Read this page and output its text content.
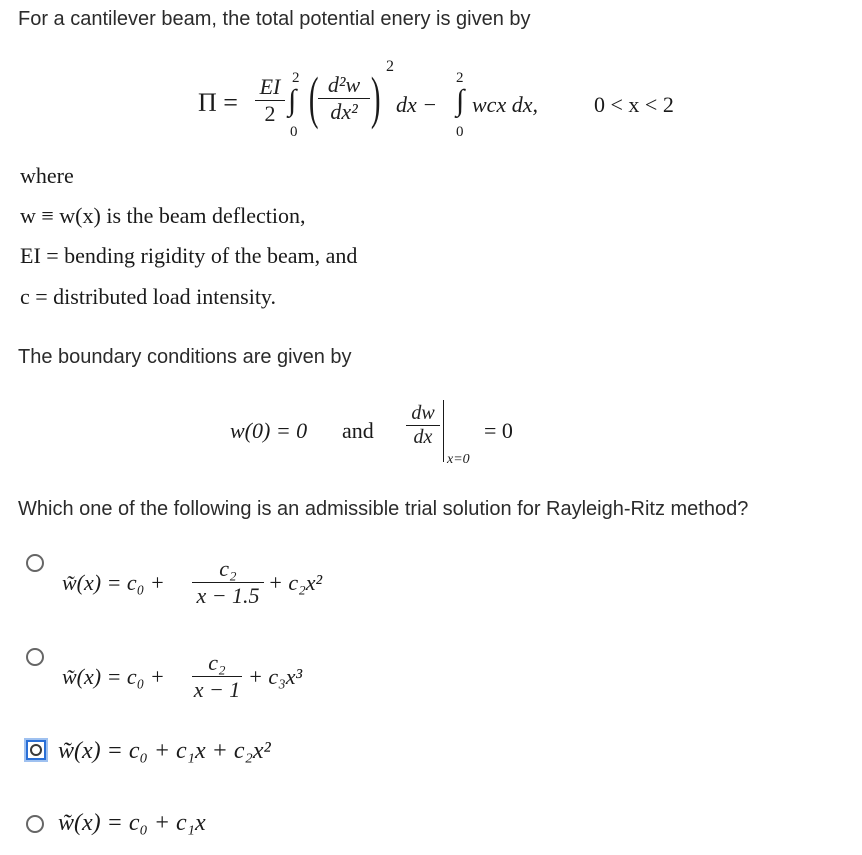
For a cantilever beam, the total potential enery is given by
$\Pi = \frac{EI}{2}$ ∫
2
0
( $\frac{\text{d²w}}{\text{dx²}}$ ) 2
dx − ∫
2
0
wcx dx,	0 < x < 2
where
w ≡ w(x) is the beam deflection,
EI = bending rigidity of the beam, and
c = distributed load intensity.
The boundary conditions are given by
w(0) = 0 and $\frac{dw}{dx}$
x=0
= 0
Which one of the following is an admissible trial solution for Rayleigh-Ritz method?
w̃(x) = $c_0 + \frac{\text{c₂}}{x - 1.5} + c_2x^2$
w̃(x) = $c_0 + \frac{\text{c₂}}{x - 1} + c_3x^3$
w̃(x) = c₀ + c₁x + c₂x²
w̃(x) = c₀ + c₁x
